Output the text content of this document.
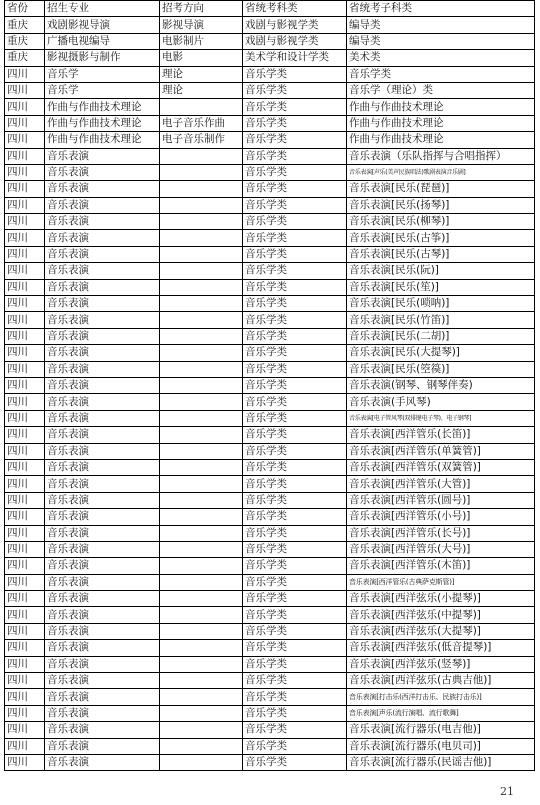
省份	招生专业	招考方向	省统考科类	省统考子科类
重庆	戏剧影视导演	影视导演	戏剧与影视学类	编导类
重庆	广播电视编导	电影制片	戏剧与影视学类	编导类
重庆	影视摄影与制作	电影	美术学和设计学类	美术类
四川	音乐学	理论	音乐学类	音乐学类
四川	音乐学	理论	音乐学类	音乐学（理论）类
四川	作曲与作曲技术理论		音乐学类	作曲与作曲技术理论
四川	作曲与作曲技术理论	电子音乐作曲	音乐学类	作曲与作曲技术理论
四川	作曲与作曲技术理论	电子音乐制作	音乐学类	作曲与作曲技术理论
四川	音乐表演		音乐学类	音乐表演（乐队指挥与合唱指挥）
四川	音乐表演		音乐学类	音乐表演[声乐(美声民族唱法)歌剧表演音乐剧]
四川	音乐表演		音乐学类	音乐表演[民乐(琵琶)]
四川	音乐表演		音乐学类	音乐表演[民乐(扬琴)]
四川	音乐表演		音乐学类	音乐表演[民乐(柳琴)]
四川	音乐表演		音乐学类	音乐表演[民乐(古筝)]
四川	音乐表演		音乐学类	音乐表演[民乐(古琴)]
四川	音乐表演		音乐学类	音乐表演[民乐(阮)]
四川	音乐表演		音乐学类	音乐表演[民乐(笙)]
四川	音乐表演		音乐学类	音乐表演[民乐(唢呐)]
四川	音乐表演		音乐学类	音乐表演[民乐(竹笛)]
四川	音乐表演		音乐学类	音乐表演[民乐(二胡)]
四川	音乐表演		音乐学类	音乐表演[民乐(大提琴)]
四川	音乐表演		音乐学类	音乐表演[民乐(箜篌)]
四川	音乐表演		音乐学类	音乐表演(钢琴、钢琴伴奏)
四川	音乐表演		音乐学类	音乐表演(手风琴)
四川	音乐表演		音乐学类	音乐表演[电子管风琴(双排键电子琴)、电子钢琴]
四川	音乐表演		音乐学类	音乐表演[西洋管乐(长笛)]
四川	音乐表演		音乐学类	音乐表演[西洋管乐(单簧管)]
四川	音乐表演		音乐学类	音乐表演[西洋管乐(双簧管)]
四川	音乐表演		音乐学类	音乐表演[西洋管乐(大管)]
四川	音乐表演		音乐学类	音乐表演[西洋管乐(圆号)]
四川	音乐表演		音乐学类	音乐表演[西洋管乐(小号)]
四川	音乐表演		音乐学类	音乐表演[西洋管乐(长号)]
四川	音乐表演		音乐学类	音乐表演[西洋管乐(大号)]
四川	音乐表演		音乐学类	音乐表演[西洋管乐(木笛)]
四川	音乐表演		音乐学类	音乐表演[西洋管乐(古典萨克斯管)]
四川	音乐表演		音乐学类	音乐表演[西洋弦乐(小提琴)]
四川	音乐表演		音乐学类	音乐表演[西洋弦乐(中提琴)]
四川	音乐表演		音乐学类	音乐表演[西洋弦乐(大提琴)]
四川	音乐表演		音乐学类	音乐表演[西洋弦乐(低音提琴)]
四川	音乐表演		音乐学类	音乐表演[西洋弦乐(竖琴)]
四川	音乐表演		音乐学类	音乐表演[西洋弦乐(古典吉他)]
四川	音乐表演		音乐学类	音乐表演[打击乐(西洋打击乐、民族打击乐)]
四川	音乐表演		音乐学类	音乐表演[声乐(流行演唱、流行歌舞]
四川	音乐表演		音乐学类	音乐表演[流行器乐(电吉他)]
四川	音乐表演		音乐学类	音乐表演[流行器乐(电贝司)]
四川	音乐表演		音乐学类	音乐表演[流行器乐(民谣吉他)]
21
